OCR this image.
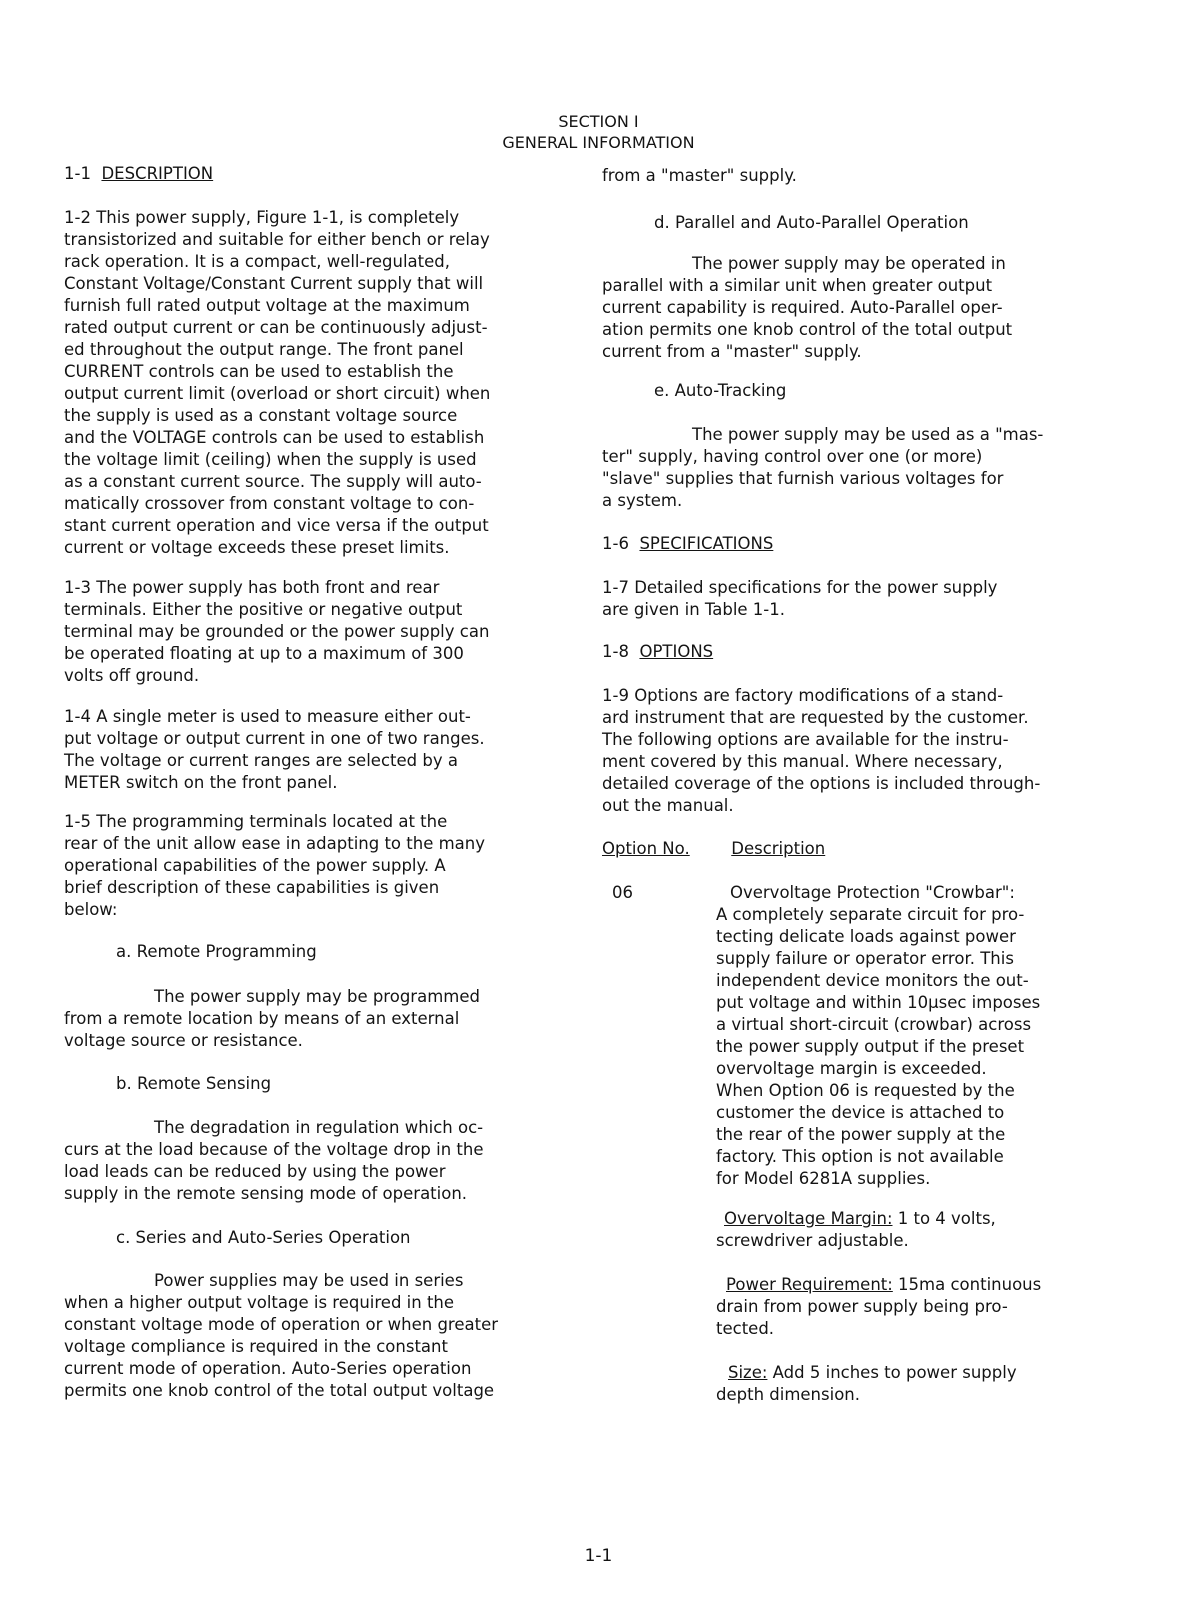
SECTION I
GENERAL INFORMATION
1-1 DESCRIPTION
1-2 This power supply, Figure 1-1, is completely
transistorized and suitable for either bench or relay
rack operation. It is a compact, well-regulated,
Constant Voltage/Constant Current supply that will
furnish full rated output voltage at the maximum
rated output current or can be continuously adjust-
ed throughout the output range. The front panel
CURRENT controls can be used to establish the
output current limit (overload or short circuit) when
the supply is used as a constant voltage source
and the VOLTAGE controls can be used to establish
the voltage limit (ceiling) when the supply is used
as a constant current source. The supply will auto-
matically crossover from constant voltage to con-
stant current operation and vice versa if the output
current or voltage exceeds these preset limits.
1-3 The power supply has both front and rear
terminals. Either the positive or negative output
terminal may be grounded or the power supply can
be operated floating at up to a maximum of 300
volts off ground.
1-4 A single meter is used to measure either out-
put voltage or output current in one of two ranges.
The voltage or current ranges are selected by a
METER switch on the front panel.
1-5 The programming terminals located at the
rear of the unit allow ease in adapting to the many
operational capabilities of the power supply. A
brief description of these capabilities is given
below:
a. Remote Programming
The power supply may be programmed
from a remote location by means of an external
voltage source or resistance.
b. Remote Sensing
The degradation in regulation which oc-
curs at the load because of the voltage drop in the
load leads can be reduced by using the power
supply in the remote sensing mode of operation.
c. Series and Auto-Series Operation
Power supplies may be used in series
when a higher output voltage is required in the
constant voltage mode of operation or when greater
voltage compliance is required in the constant
current mode of operation. Auto-Series operation
permits one knob control of the total output voltage
from a "master" supply.
d. Parallel and Auto-Parallel Operation
The power supply may be operated in
parallel with a similar unit when greater output
current capability is required. Auto-Parallel oper-
ation permits one knob control of the total output
current from a "master" supply.
e. Auto-Tracking
The power supply may be used as a "mas-
ter" supply, having control over one (or more)
"slave" supplies that furnish various voltages for
a system.
1-6 SPECIFICATIONS
1-7 Detailed specifications for the power supply
are given in Table 1-1.
1-8 OPTIONS
1-9 Options are factory modifications of a stand-
ard instrument that are requested by the customer.
The following options are available for the instru-
ment covered by this manual. Where necessary,
detailed coverage of the options is included through-
out the manual.
Option No.	Description
06	Overvoltage Protection "Crowbar":
A completely separate circuit for pro-
tecting delicate loads against power
supply failure or operator error. This
independent device monitors the out-
put voltage and within 10μsec imposes
a virtual short-circuit (crowbar) across
the power supply output if the preset
overvoltage margin is exceeded.
When Option 06 is requested by the
customer the device is attached to
the rear of the power supply at the
factory. This option is not available
for Model 6281A supplies.
Overvoltage Margin: 1 to 4 volts,
screwdriver adjustable.
Power Requirement: 15ma continuous
drain from power supply being pro-
tected.
Size: Add 5 inches to power supply
depth dimension.
1-1
